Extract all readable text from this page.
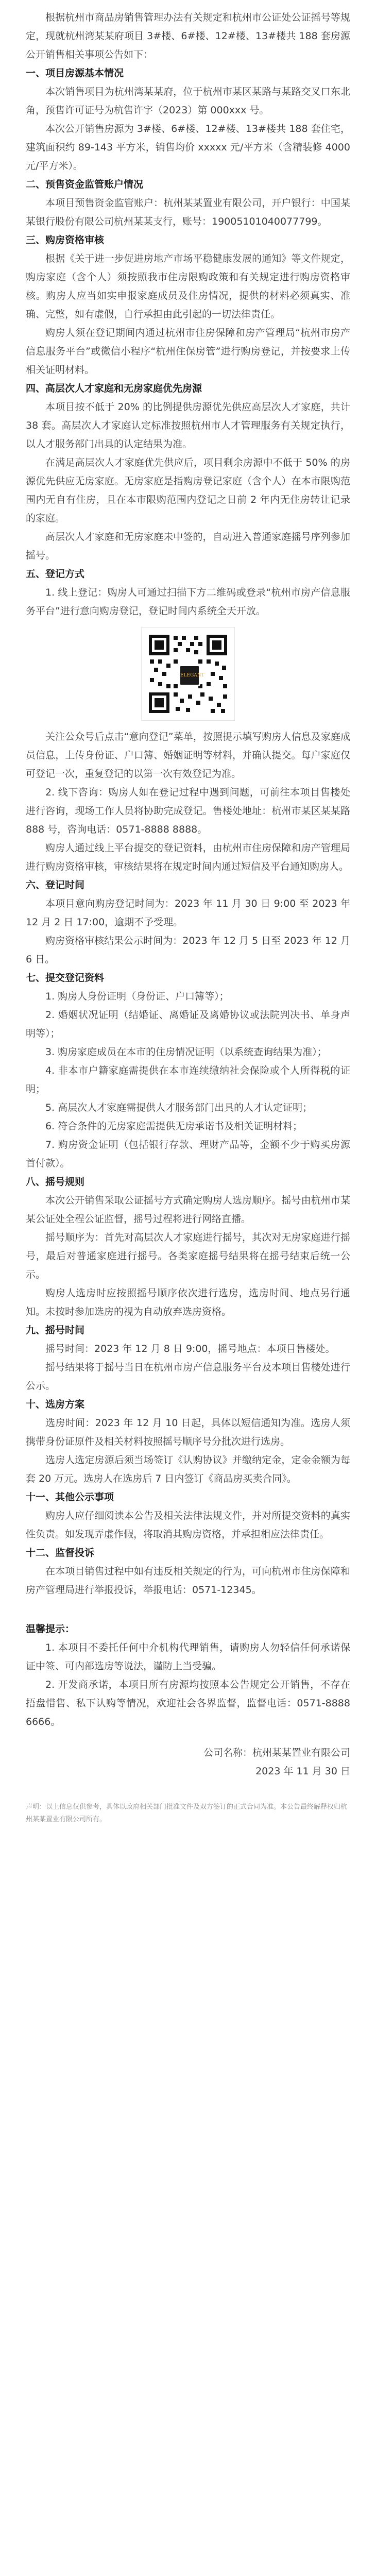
根据杭州市商品房销售管理办法有关规定和杭州市公证处公证摇号等规定，现就杭州湾某某府项目 3#楼、6#楼、12#楼、13#楼共 188 套房源公开销售相关事项公告如下：

一、项目房源基本情况

本次销售项目为杭州湾某某府，位于杭州市某区某路与某路交叉口东北角，预售许可证号为杭售许字（2023）第 000xxx 号。

本次公开销售房源为 3#楼、6#楼、12#楼、13#楼共 188 套住宅，建筑面积约 89-143 平方米，销售均价 xxxxx 元/平方米（含精装修 4000 元/平方米）。

二、预售资金监管账户情况

本项目预售资金监管账户：杭州某某置业有限公司，开户银行：中国某某银行股份有限公司杭州某某支行，账号：19005101040077799。

三、购房资格审核

根据《关于进一步促进房地产市场平稳健康发展的通知》等文件规定，购房家庭（含个人）须按照我市住房限购政策和有关规定进行购房资格审核。购房人应当如实申报家庭成员及住房情况，提供的材料必须真实、准确、完整，如有虚假，自行承担由此引起的一切法律责任。

购房人须在登记期间内通过杭州市住房保障和房产管理局“杭州市房产信息服务平台”或微信小程序“杭州住保房管”进行购房登记，并按要求上传相关证明材料。

四、高层次人才家庭和无房家庭优先房源

本项目按不低于 20% 的比例提供房源优先供应高层次人才家庭，共计 38 套。高层次人才家庭认定标准按照杭州市人才管理服务有关规定执行，以人才服务部门出具的认定结果为准。

在满足高层次人才家庭优先供应后，项目剩余房源中不低于 50% 的房源优先供应无房家庭。无房家庭是指购房登记家庭（含个人）在本市限购范围内无自有住房，且在本市限购范围内登记之日前 2 年内无住房转让记录的家庭。

高层次人才家庭和无房家庭未中签的，自动进入普通家庭摇号序列参加摇号。

五、登记方式

1. 线上登记：购房人可通过扫描下方二维码或登录“杭州市房产信息服务平台”进行意向购房登记，登记时间内系统全天开放。

ELEGANT

关注公众号后点击“意向登记”菜单，按照提示填写购房人信息及家庭成员信息，上传身份证、户口簿、婚姻证明等材料，并确认提交。每户家庭仅可登记一次，重复登记的以第一次有效登记为准。

2. 线下咨询：购房人如在登记过程中遇到问题，可前往本项目售楼处进行咨询，现场工作人员将协助完成登记。售楼处地址：杭州市某区某某路 888 号，咨询电话：0571-8888 8888。

购房人通过线上平台提交的登记资料，由杭州市住房保障和房产管理局进行购房资格审核，审核结果将在规定时间内通过短信及平台通知购房人。

六、登记时间

本项目意向购房登记时间为：2023 年 11 月 30 日 9:00 至 2023 年 12 月 2 日 17:00，逾期不予受理。

购房资格审核结果公示时间为：2023 年 12 月 5 日至 2023 年 12 月 6 日。

七、提交登记资料

1. 购房人身份证明（身份证、户口簿等）；

2. 婚姻状况证明（结婚证、离婚证及离婚协议或法院判决书、单身声明等）；

3. 购房家庭成员在本市的住房情况证明（以系统查询结果为准）；

4. 非本市户籍家庭需提供在本市连续缴纳社会保险或个人所得税的证明；

5. 高层次人才家庭需提供人才服务部门出具的人才认定证明；

6. 符合条件的无房家庭需提供无房承诺书及相关证明材料；

7. 购房资金证明（包括银行存款、理财产品等，金额不少于购买房源首付款）。

八、摇号规则

本次公开销售采取公证摇号方式确定购房人选房顺序。摇号由杭州市某某公证处全程公证监督，摇号过程将进行网络直播。

摇号顺序为：首先对高层次人才家庭进行摇号，其次对无房家庭进行摇号，最后对普通家庭进行摇号。各类家庭摇号结果将在摇号结束后统一公示。

购房人选房时应按照摇号顺序依次进行选房，选房时间、地点另行通知。未按时参加选房的视为自动放弃选房资格。

九、摇号时间

摇号时间：2023 年 12 月 8 日 9:00，摇号地点：本项目售楼处。

摇号结果将于摇号当日在杭州市房产信息服务平台及本项目售楼处进行公示。

十、选房方案

选房时间：2023 年 12 月 10 日起，具体以短信通知为准。选房人须携带身份证原件及相关材料按照摇号顺序号分批次进行选房。

选房人选定房源后须当场签订《认购协议》并缴纳定金，定金金额为每套 20 万元。选房人在选房后 7 日内签订《商品房买卖合同》。

十一、其他公示事项

购房人应仔细阅读本公告及相关法律法规文件，并对所提交资料的真实性负责。如发现弄虚作假，将取消其购房资格，并承担相应法律责任。

十二、监督投诉

在本项目销售过程中如有违反相关规定的行为，可向杭州市住房保障和房产管理局进行举报投诉，举报电话：0571-12345。

温馨提示：

1. 本项目不委托任何中介机构代理销售，请购房人勿轻信任何承诺保证中签、可内部选房等说法，谨防上当受骗。

2. 开发商承诺，本项目所有房源均按照本公告规定公开销售，不存在捂盘惜售、私下认购等情况，欢迎社会各界监督，监督电话：0571-8888 6666。

公司名称：杭州某某置业有限公司
2023 年 11 月 30 日

声明：以上信息仅供参考，具体以政府相关部门批准文件及双方签订的正式合同为准。本公告最终解释权归杭州某某置业有限公司所有。
